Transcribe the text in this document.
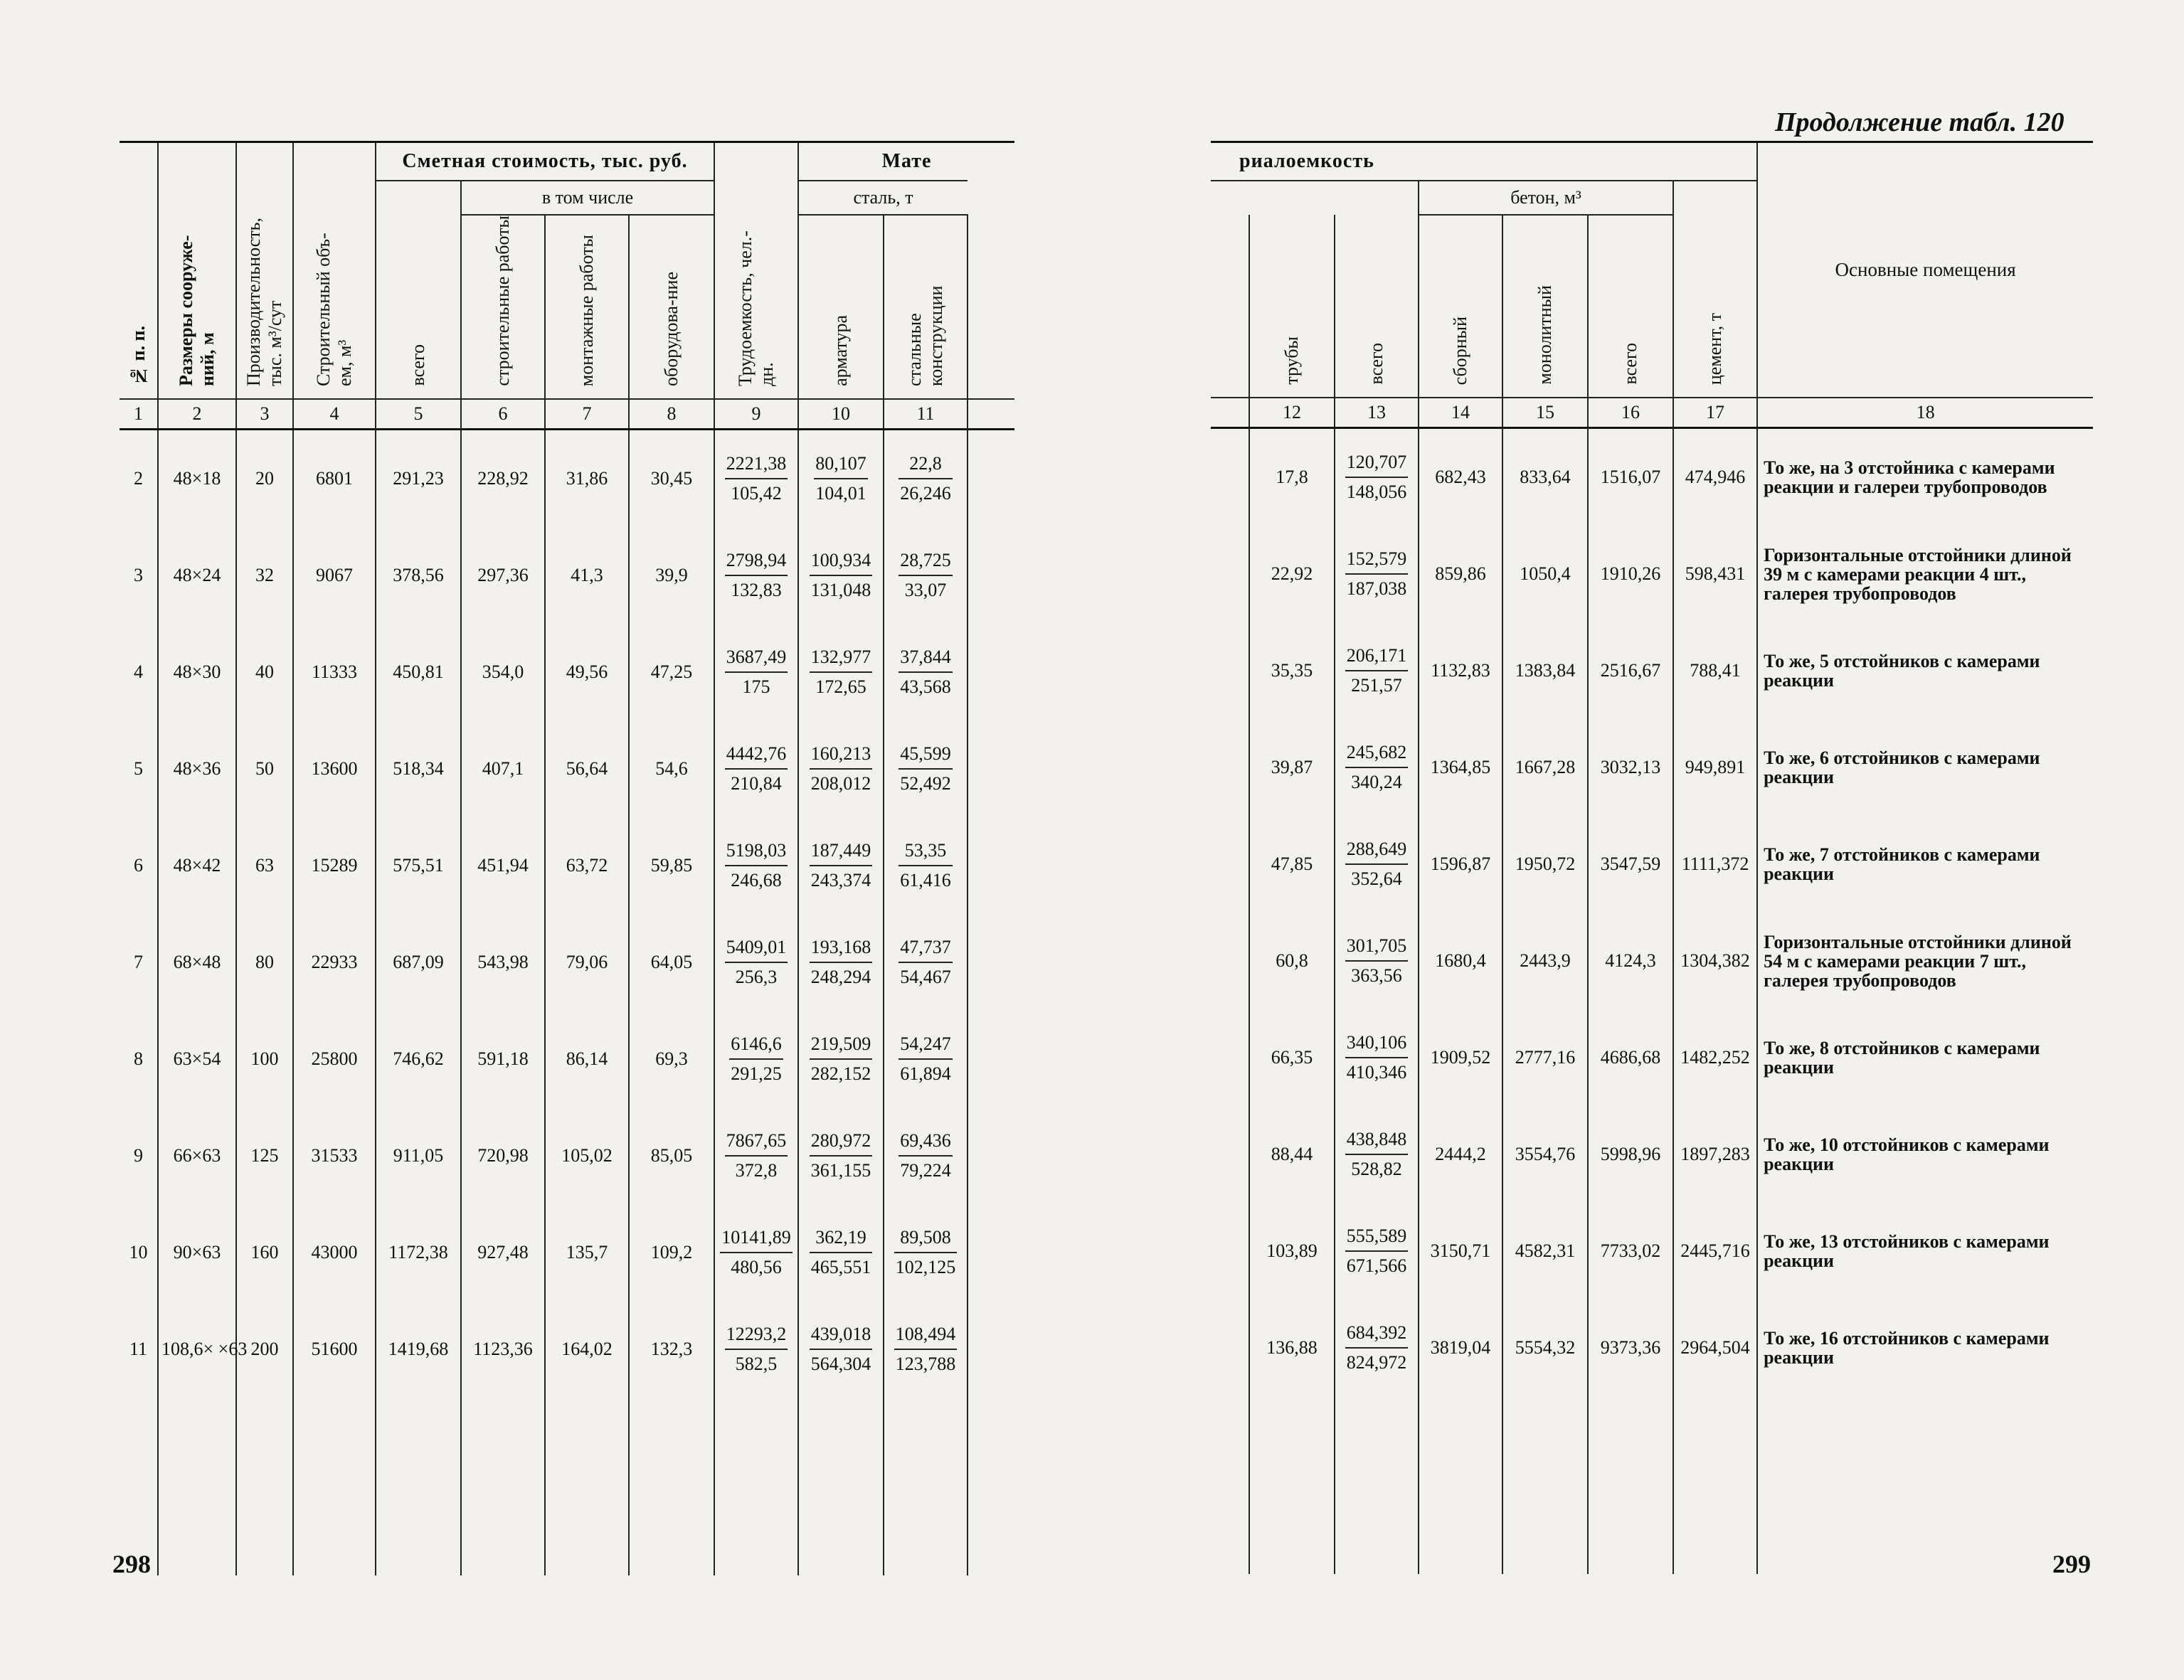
№ п. п.	Размеры сооруже-ний, м	Производительность, тыс. м³/сут	Строительный объ-ем, м³	Сметная стоимость, тыс. руб.				Трудоемкость, чел.-дн.	Мате		
				всего	в том числе				сталь, т		
					строительные работы	монтажные работы	оборудова-ние		арматура	стальные конструкции	
1	2	3	4	5	6	7	8	9	10	11	
2	48×18	20	6801	291,23	228,92	31,86	30,45	$\frac{2221,38}{105,42}$	$\frac{80,107}{104,01}$	$\frac{22,8}{26,246}$

3	48×24	32	9067	378,56	297,36	41,3	39,9	$\frac{2798,94}{132,83}$	$\frac{100,934}{131,048}$	$\frac{28,725}{33,07}$

4	48×30	40	11333	450,81	354,0	49,56	47,25	$\frac{3687,49}{175}$	$\frac{132,977}{172,65}$	$\frac{37,844}{43,568}$

5	48×36	50	13600	518,34	407,1	56,64	54,6	$\frac{4442,76}{210,84}$	$\frac{160,213}{208,012}$	$\frac{45,599}{52,492}$

6	48×42	63	15289	575,51	451,94	63,72	59,85	$\frac{5198,03}{246,68}$	$\frac{187,449}{243,374}$	$\frac{53,35}{61,416}$

7	68×48	80	22933	687,09	543,98	79,06	64,05	$\frac{5409,01}{256,3}$	$\frac{193,168}{248,294}$	$\frac{47,737}{54,467}$

8	63×54	100	25800	746,62	591,18	86,14	69,3	$\frac{6146,6}{291,25}$	$\frac{219,509}{282,152}$	$\frac{54,247}{61,894}$

9	66×63	125	31533	911,05	720,98	105,02	85,05	$\frac{7867,65}{372,8}$	$\frac{280,972}{361,155}$	$\frac{69,436}{79,224}$

10	90×63	160	43000	1172,38	927,48	135,7	109,2	$\frac{10141,89}{480,56}$	$\frac{362,19}{465,551}$	$\frac{89,508}{102,125}$

11	108,6× ×63	200	51600	1419,68	1123,36	164,02	132,3	$\frac{12293,2}{582,5}$	$\frac{439,018}{564,304}$	$\frac{108,494}{123,788}$

298
Продолжение табл. 120
риалоемкость							Основные помещения
			бетон, м³				
	трубы	всего	сборный	монолитный	всего	цемент, т	
	12	13	14	15	16	17	18
	17,8	$\frac{120,707}{148,056}$	682,43	833,64	1516,07	474,946	То же, на 3 отстойника с камерами реакции и галереи трубопроводов
	22,92	$\frac{152,579}{187,038}$	859,86	1050,4	1910,26	598,431	Горизонтальные отстойники длиной 39 м с камерами реакции 4 шт., галерея трубопроводов
	35,35	$\frac{206,171}{251,57}$	1132,83	1383,84	2516,67	788,41	То же, 5 отстойников с камерами реакции
	39,87	$\frac{245,682}{340,24}$	1364,85	1667,28	3032,13	949,891	То же, 6 отстойников с камерами реакции
	47,85	$\frac{288,649}{352,64}$	1596,87	1950,72	3547,59	1111,372	То же, 7 отстойников с камерами реакции
	60,8	$\frac{301,705}{363,56}$	1680,4	2443,9	4124,3	1304,382	Горизонтальные отстойники длиной 54 м с камерами реакции 7 шт., галерея трубопроводов
	66,35	$\frac{340,106}{410,346}$	1909,52	2777,16	4686,68	1482,252	То же, 8 отстойников с камерами реакции
	88,44	$\frac{438,848}{528,82}$	2444,2	3554,76	5998,96	1897,283	То же, 10 отстойников с камерами реакции
	103,89	$\frac{555,589}{671,566}$	3150,71	4582,31	7733,02	2445,716	То же, 13 отстойников с камерами реакции
	136,88	$\frac{684,392}{824,972}$	3819,04	5554,32	9373,36	2964,504	То же, 16 отстойников с камерами реакции

299
